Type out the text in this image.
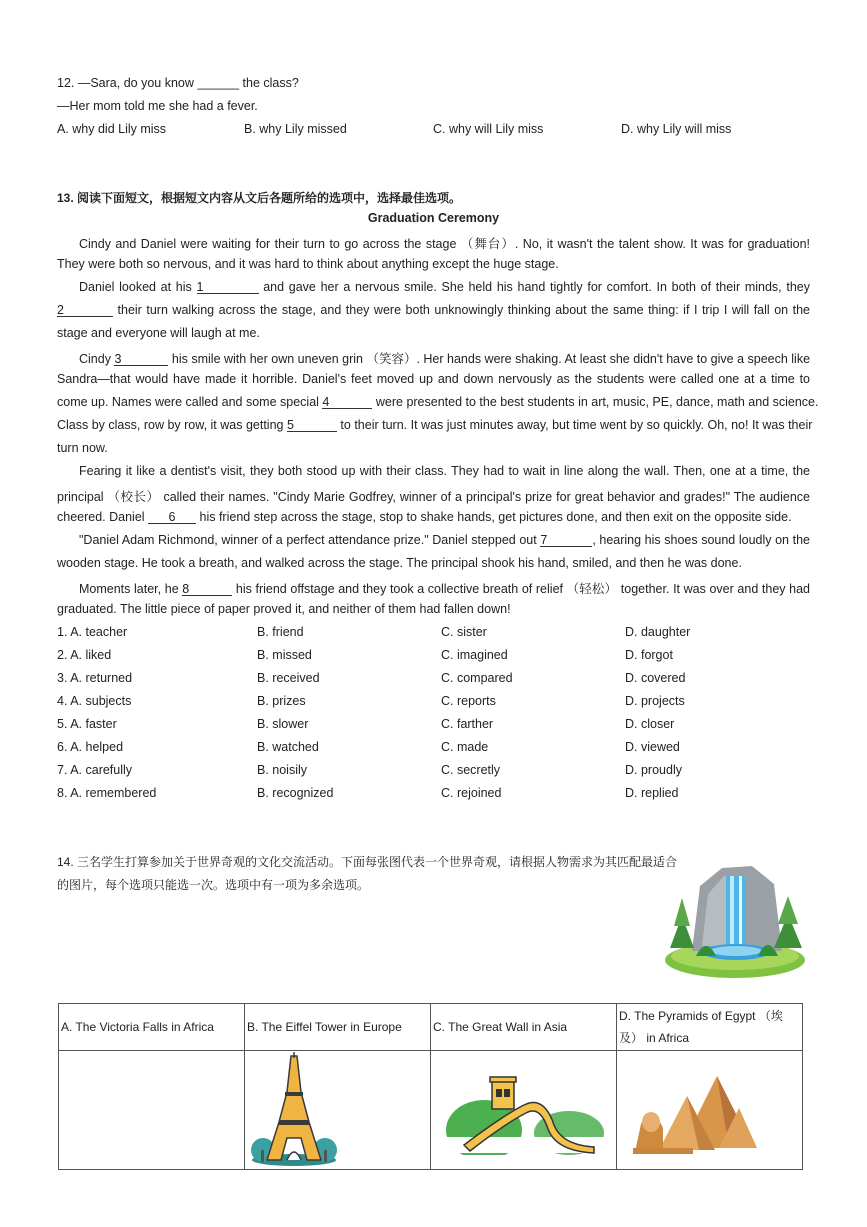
12. —Sara, do you know ______ the class?
—Her mom told me she had a fever.
A. why did Lily miss	B. why Lily missed	C. why will Lily miss	D. why Lily will miss
13. 阅读下面短文，根据短文内容从文后各题所给的选项中，选择最佳选项。
Graduation Ceremony
Cindy and Daniel were waiting for their turn to go across the stage （舞台）. No, it wasn't the talent show. It was for graduation!
They were both so nervous, and it was hard to think about anything except the huge stage.
Daniel looked at his 1	and gave her a nervous smile. She held his hand tightly for comfort. In both of their minds, they
2	their turn walking across the stage, and they were both unknowingly thinking about the same thing: if I trip I will fall on the
stage and everyone will laugh at me.
Cindy 3	his smile with her own uneven grin （笑容）. Her hands were shaking. At least she didn't have to give a speech like
Sandra—that would have made it horrible. Daniel's feet moved up and down nervously as the students were called one at a time to
come up. Names were called and some special 4	were presented to the best students in art, music, PE, dance, math and science.
Class by class, row by row, it was getting 5	to their turn. It was just minutes away, but time went by so quickly. Oh, no! It was their
turn now.
Fearing it like a dentist's visit, they both stood up with their class. They had to wait in line along the wall. Then, one at a time, the
principal （校长） called their names. "Cindy Marie Godfrey, winner of a principal's prize for great behavior and grades!" The audience
cheered. Daniel 6 his friend step across the stage, stop to shake hands, get pictures done, and then exit on the opposite side.
"Daniel Adam Richmond, winner of a perfect attendance prize." Daniel stepped out 7	, hearing his shoes sound loudly on the
wooden stage. He took a breath, and walked across the stage. The principal shook his hand, smiled, and then he was done.
Moments later, he 8	his friend offstage and they took a collective breath of relief （轻松） together. It was over and they had
graduated. The little piece of paper proved it, and neither of them had fallen down!
1. A. teacher	B. friend	C. sister	D. daughter
2. A. liked	B. missed	C. imagined	D. forgot
3. A. returned	B. received	C. compared	D. covered
4. A. subjects	B. prizes	C. reports	D. projects
5. A. faster	B. slower	C. farther	D. closer
6. A. helped	B. watched	C. made	D. viewed
7. A. carefully	B. noisily	C. secretly	D. proudly
8. A. remembered	B. recognized	C. rejoined	D. replied
14. 三名学生打算参加关于世界奇观的文化交流活动。下面每张图代表一个世界奇观，请根据人物需求为其匹配最适合
的图片，每个选项只能选一次。选项中有一项为多余选项。
A. The Victoria Falls in Africa	B. The Eiffel Tower in Europe	C. The Great Wall in Asia	D. The Pyramids of Egypt （埃
及） in Africa
